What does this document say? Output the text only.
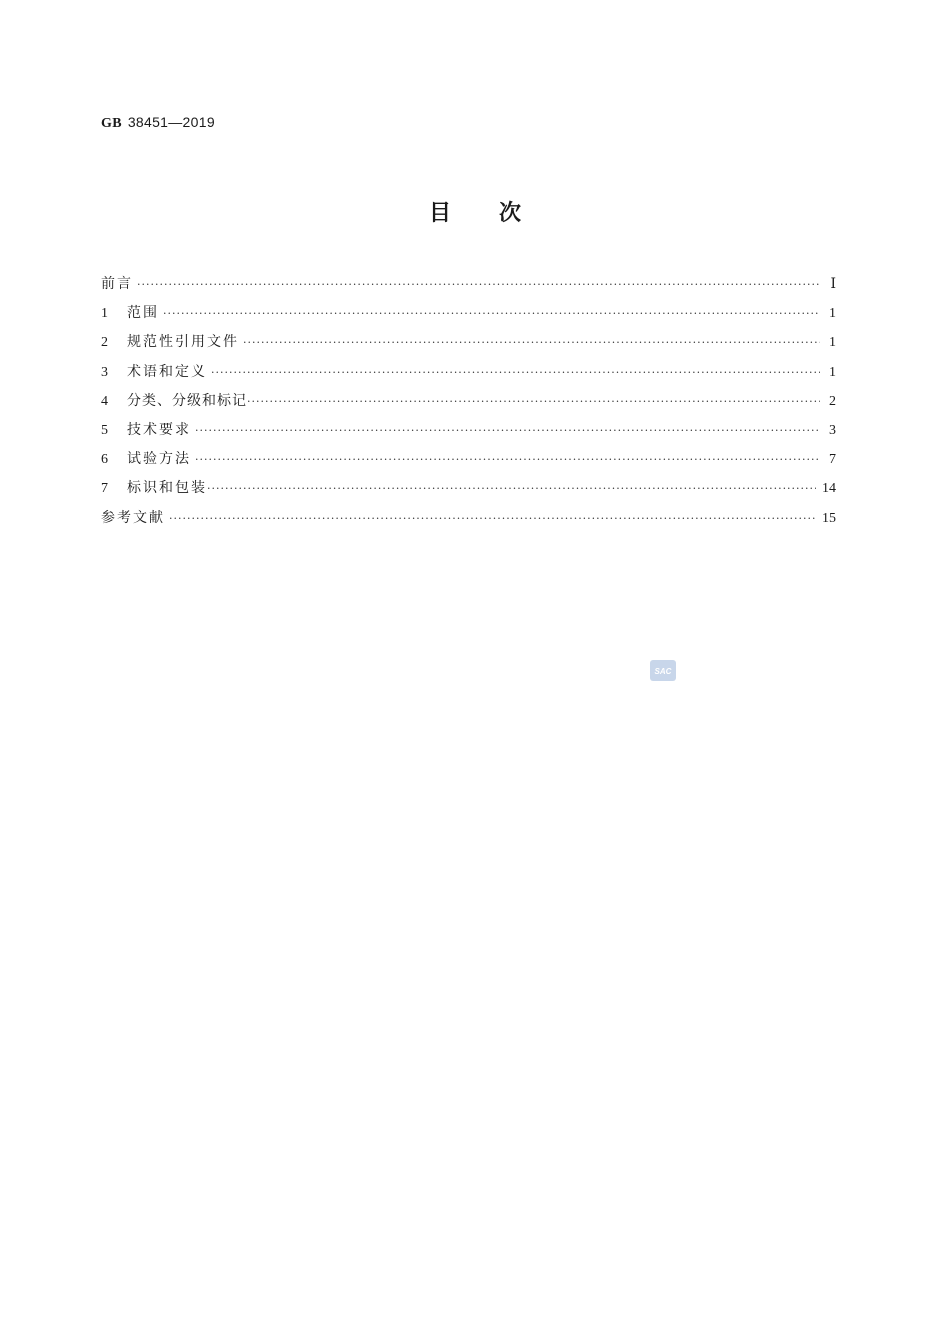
GB 38451—2019
目 次
前言 ·····	Ⅰ
1	范围 ·····	1
2	规范性引用文件 ·····	1
3	术语和定义 ·····	1
4	分类、分级和标记 ·····	2
5	技术要求 ·····	3
6	试验方法 ·····	7
7	标识和包装 ·····	14
参考文献 ·····	15
SAC
